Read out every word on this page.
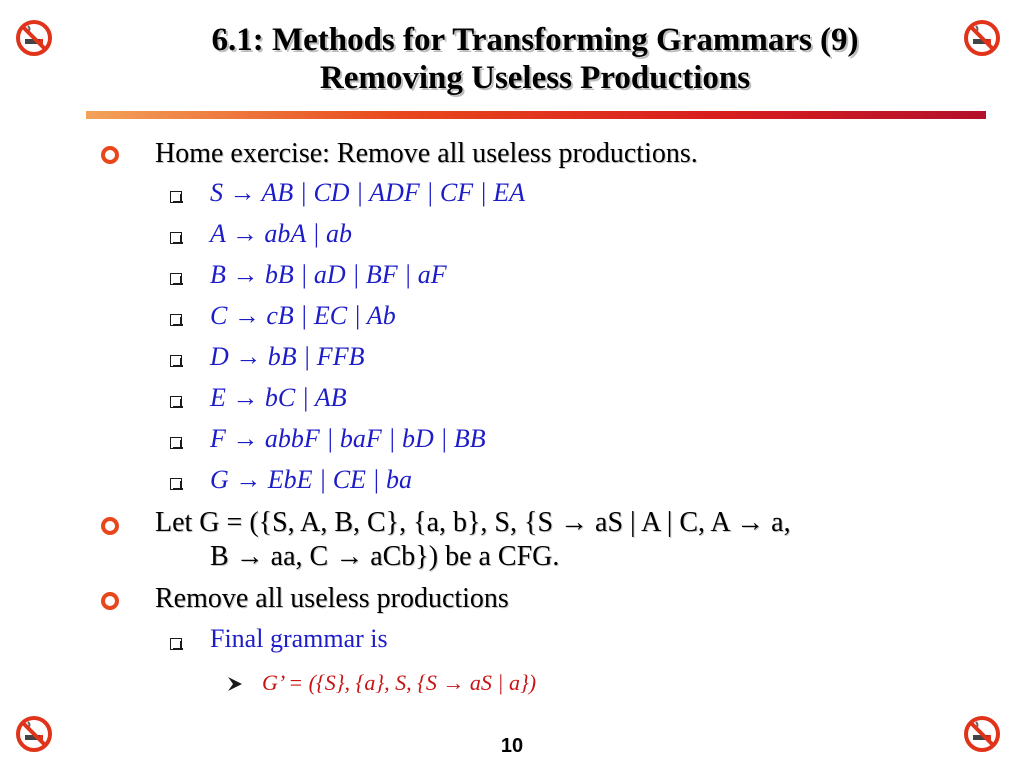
6.1: Methods for Transforming Grammars (9)
Removing Useless Productions
Home exercise: Remove all useless productions.
S → AB | CD | ADF | CF | EA
A → abA | ab
B → bB | aD | BF | aF
C → cB | EC | Ab
D → bB | FFB
E → bC | AB
F → abbF | baF | bD | BB
G → EbE | CE | ba
Let G = ({S, A, B, C}, {a, b}, S, {S → aS | A | C, A → a,
B → aa, C → aCb}) be a CFG.
Remove all useless productions
Final grammar is
G’ = ({S}, {a}, S, {S → aS | a})
10
